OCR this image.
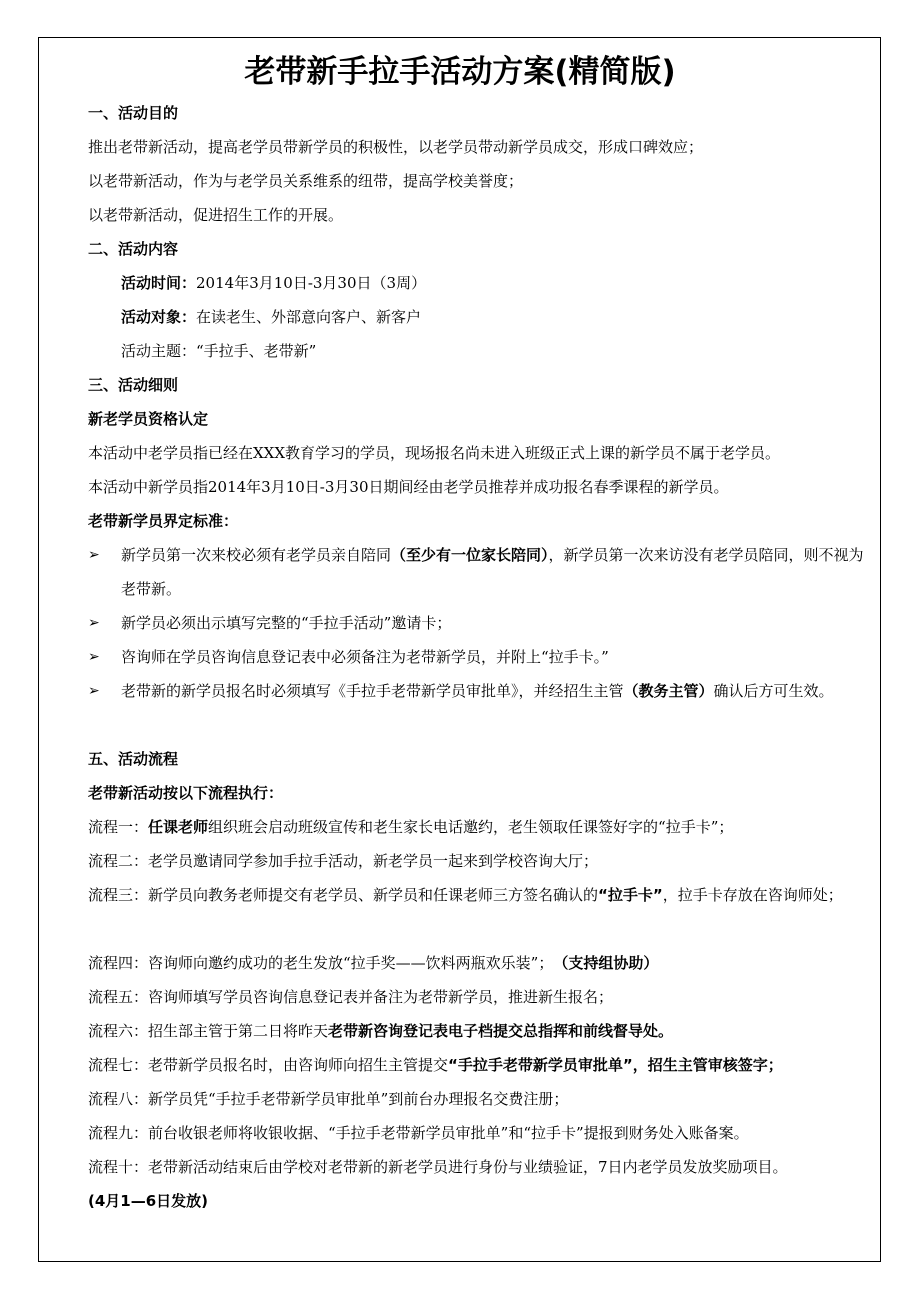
老带新手拉手活动方案(精简版)
一、活动目的
推出老带新活动，提高老学员带新学员的积极性，以老学员带动新学员成交，形成口碑效应；
以老带新活动，作为与老学员关系维系的纽带，提高学校美誉度；
以老带新活动，促进招生工作的开展。
二、活动内容
活动时间：2014年3月10日-3月30日（3周）
活动对象：在读老生、外部意向客户、新客户
活动主题：“手拉手、老带新”
三、活动细则
新老学员资格认定
本活动中老学员指已经在XXX教育学习的学员，现场报名尚未进入班级正式上课的新学员不属于老学员。
本活动中新学员指2014年3月10日-3月30日期间经由老学员推荐并成功报名春季课程的新学员。
老带新学员界定标准：
➢ 新学员第一次来校必须有老学员亲自陪同（至少有一位家长陪同），新学员第一次来访没有老学员陪同，则不视为老带新。
➢ 新学员必须出示填写完整的“手拉手活动”邀请卡；
➢ 咨询师在学员咨询信息登记表中必须备注为老带新学员，并附上“拉手卡。”
➢ 老带新的新学员报名时必须填写《手拉手老带新学员审批单》，并经招生主管（教务主管）确认后方可生效。
五、活动流程
老带新活动按以下流程执行：
流程一：任课老师组织班会启动班级宣传和老生家长电话邀约，老生领取任课签好字的“拉手卡”；
流程二：老学员邀请同学参加手拉手活动，新老学员一起来到学校咨询大厅；
流程三：新学员向教务老师提交有老学员、新学员和任课老师三方签名确认的“拉手卡”，拉手卡存放在咨询师处；
流程四：咨询师向邀约成功的老生发放“拉手奖——饮料两瓶欢乐装”；　（支持组协助）
流程五：咨询师填写学员咨询信息登记表并备注为老带新学员，推进新生报名；
流程六：招生部主管于第二日将昨天老带新咨询登记表电子档提交总指挥和前线督导处。
流程七：老带新学员报名时，由咨询师向招生主管提交“手拉手老带新学员审批单”，招生主管审核签字；
流程八：新学员凭“手拉手老带新学员审批单”到前台办理报名交费注册；
流程九：前台收银老师将收银收据、“手拉手老带新学员审批单”和“拉手卡”提报到财务处入账备案。
流程十：老带新活动结束后由学校对老带新的新老学员进行身份与业绩验证，7日内老学员发放奖励项目。
(4月1—6日发放)
